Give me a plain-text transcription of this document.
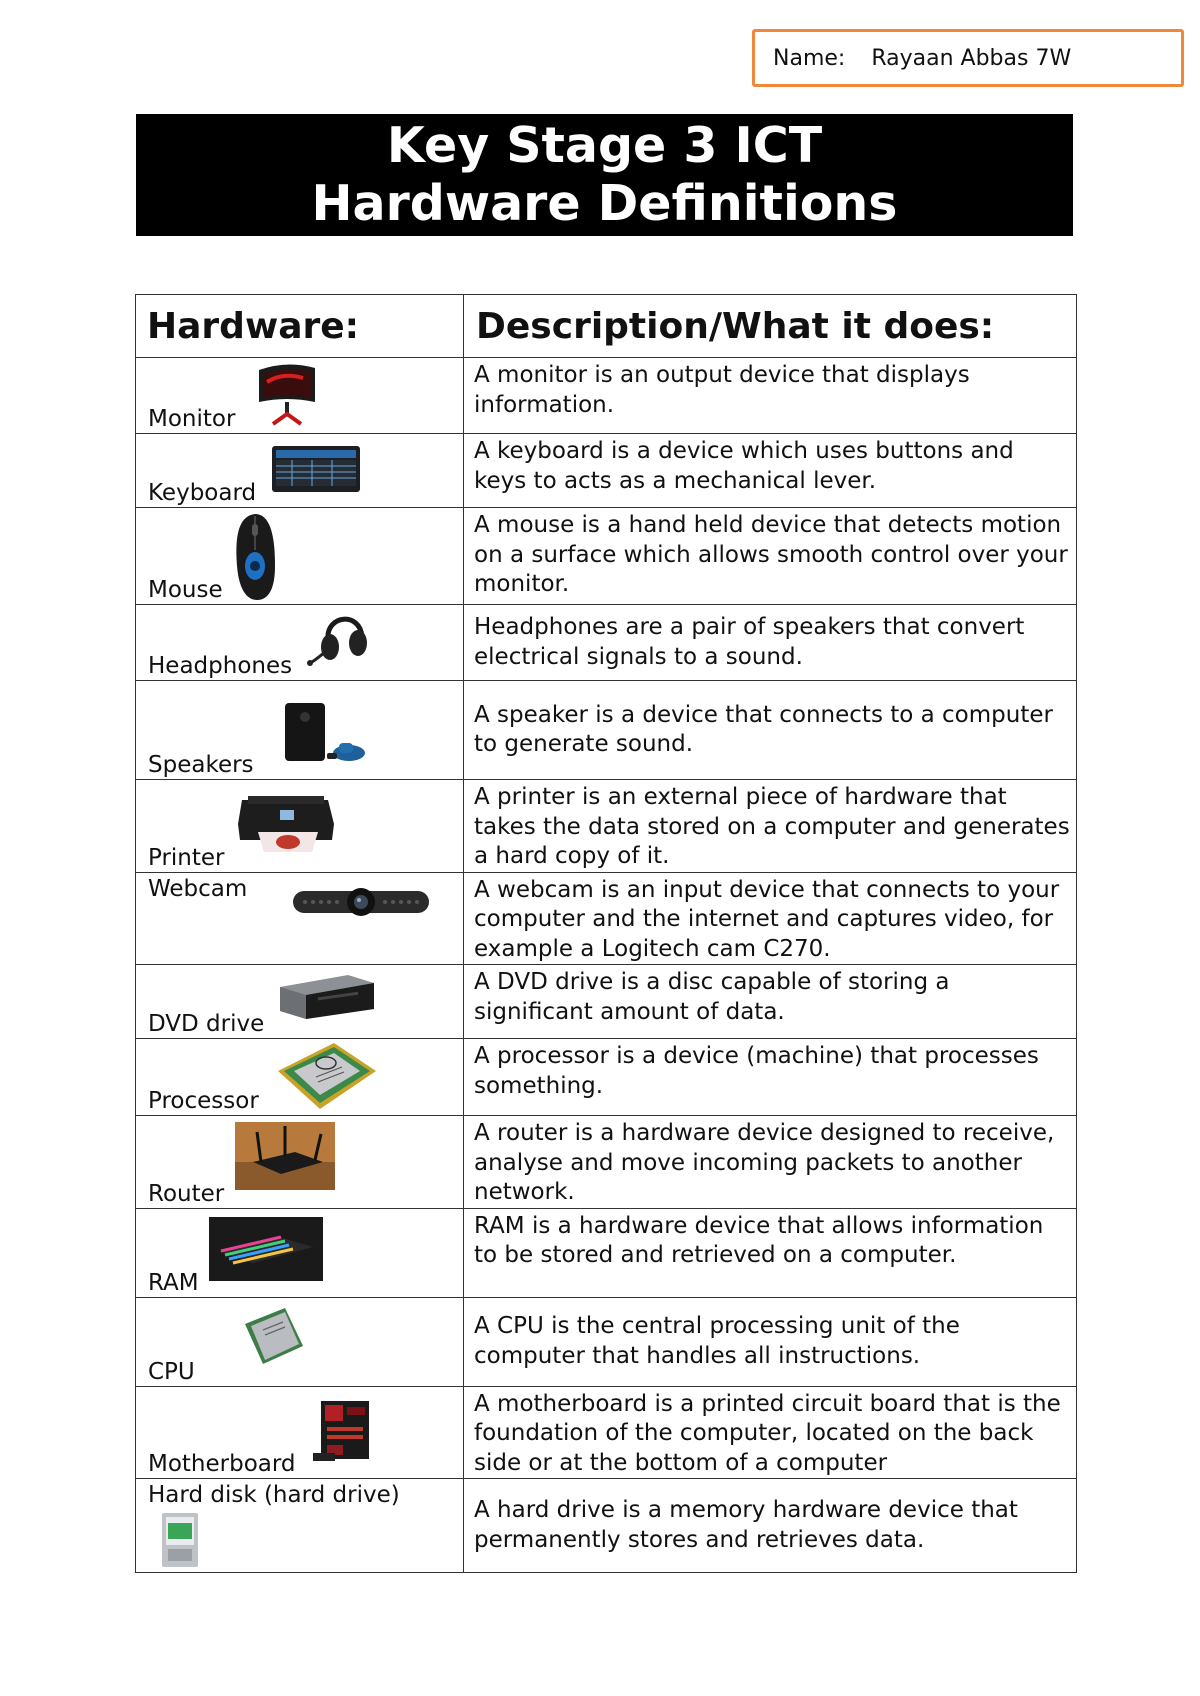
Name: Rayaan Abbas 7W
Key Stage 3 ICT
Hardware Definitions
Hardware:	Description/What it does:

Monitor	A monitor is an output device that displays information.

Keyboard	A keyboard is a device which uses buttons and keys to acts as a mechanical lever.

Mouse	A mouse is a hand held device that detects motion on a surface which allows smooth control over your monitor.

Headphones	Headphones are a pair of speakers that convert electrical signals to a sound.

Speakers	A speaker is a device that connects to a computer to generate sound.

Printer	A printer is an external piece of hardware that takes the data stored on a computer and generates a hard copy of it.

Webcam	A webcam is an input device that connects to your computer and the internet and captures video, for example a Logitech cam C270.

DVD drive	A DVD drive is a disc capable of storing a significant amount of data.

Processor	A processor is a device (machine) that processes something.

Router	A router is a hardware device designed to receive, analyse and move incoming packets to another network.

RAM	RAM is a hardware device that allows information to be stored and retrieved on a computer.

CPU	A CPU is the central processing unit of the computer that handles all instructions.

Motherboard	A motherboard is a printed circuit board that is the foundation of the computer, located on the back side or at the bottom of a computer

Hard disk (hard drive)	A hard drive is a memory hardware device that permanently stores and retrieves data.
